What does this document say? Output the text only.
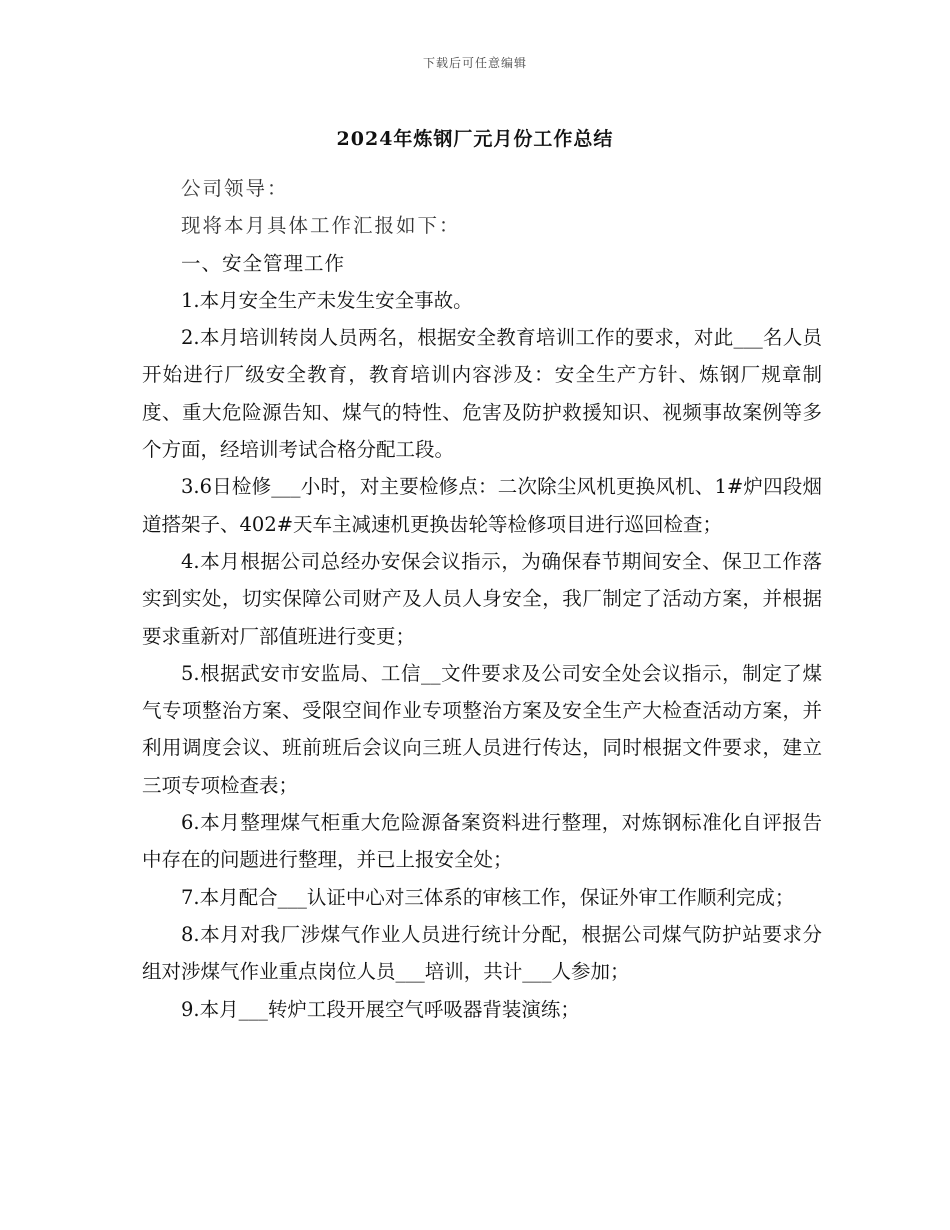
下载后可任意编辑
2024年炼钢厂元月份工作总结

公司领导：

现将本月具体工作汇报如下：

一、安全管理工作

1.本月安全生产未发生安全事故。

2.本月培训转岗人员两名，根据安全教育培训工作的要求，对此___名人员开始进行厂级安全教育，教育培训内容涉及：安全生产方针、炼钢厂规章制度、重大危险源告知、煤气的特性、危害及防护救援知识、视频事故案例等多个方面，经培训考试合格分配工段。

3.6日检修___小时，对主要检修点：二次除尘风机更换风机、1#炉四段烟道搭架子、402#天车主减速机更换齿轮等检修项目进行巡回检查；

4.本月根据公司总经办安保会议指示，为确保春节期间安全、保卫工作落实到实处，切实保障公司财产及人员人身安全，我厂制定了活动方案，并根据要求重新对厂部值班进行变更；

5.根据武安市安监局、工信__文件要求及公司安全处会议指示，制定了煤气专项整治方案、受限空间作业专项整治方案及安全生产大检查活动方案，并利用调度会议、班前班后会议向三班人员进行传达，同时根据文件要求，建立三项专项检查表；

6.本月整理煤气柜重大危险源备案资料进行整理，对炼钢标准化自评报告中存在的问题进行整理，并已上报安全处；

7.本月配合___认证中心对三体系的审核工作，保证外审工作顺利完成；

8.本月对我厂涉煤气作业人员进行统计分配，根据公司煤气防护站要求分组对涉煤气作业重点岗位人员___培训，共计___人参加；

9.本月___转炉工段开展空气呼吸器背装演练；
